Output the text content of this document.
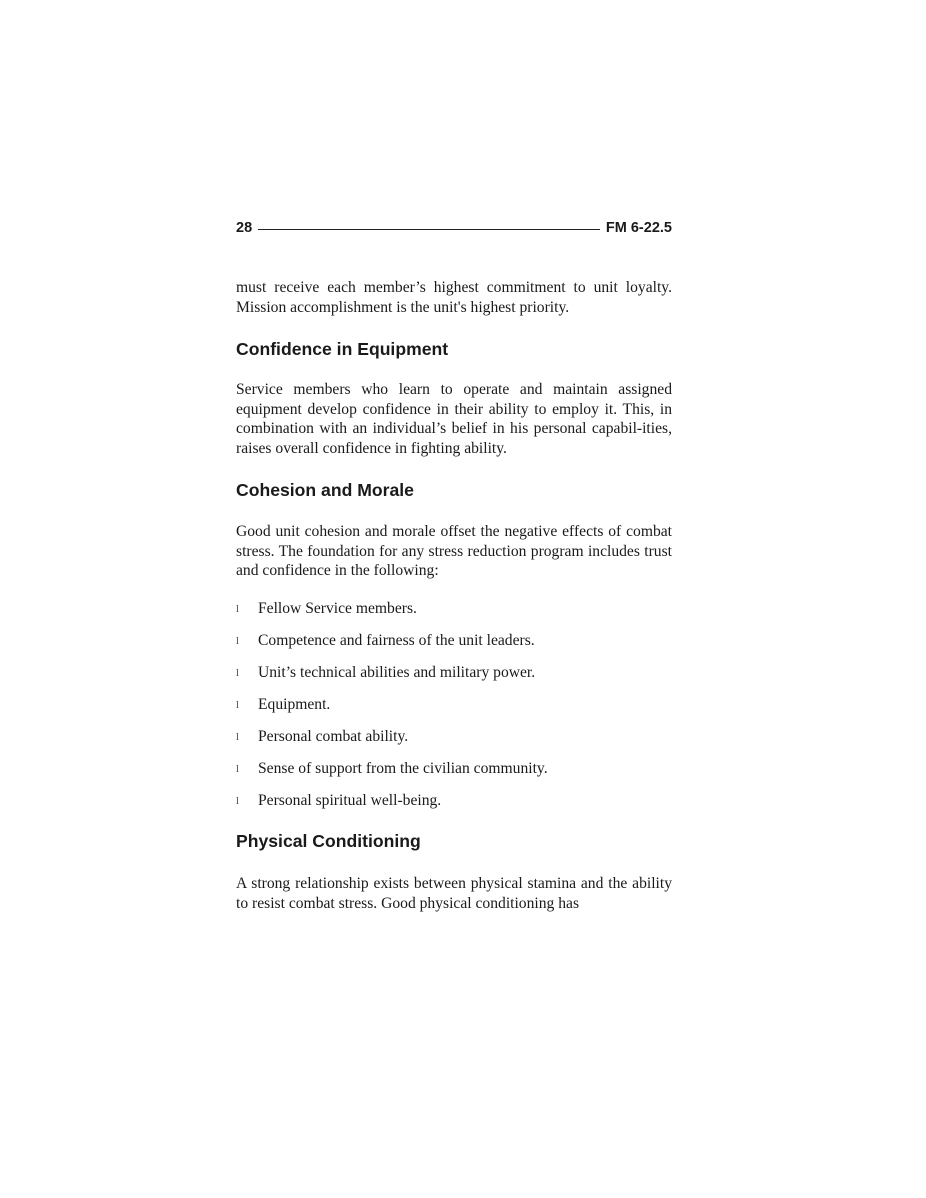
28	FM 6-22.5

must receive each member’s highest commitment to unit loyalty. Mission accomplishment is the unit's highest priority.

Confidence in Equipment

Service members who learn to operate and maintain assigned equipment develop confidence in their ability to employ it. This, in combination with an individual’s belief in his personal capabil-ities, raises overall confidence in fighting ability.

Cohesion and Morale

Good unit cohesion and morale offset the negative effects of combat stress. The foundation for any stress reduction program includes trust and confidence in the following:

l Fellow Service members.
l Competence and fairness of the unit leaders.
l Unit’s technical abilities and military power.
l Equipment.
l Personal combat ability.
l Sense of support from the civilian community.
l Personal spiritual well-being.
Physical Conditioning

A strong relationship exists between physical stamina and the ability to resist combat stress. Good physical conditioning has
